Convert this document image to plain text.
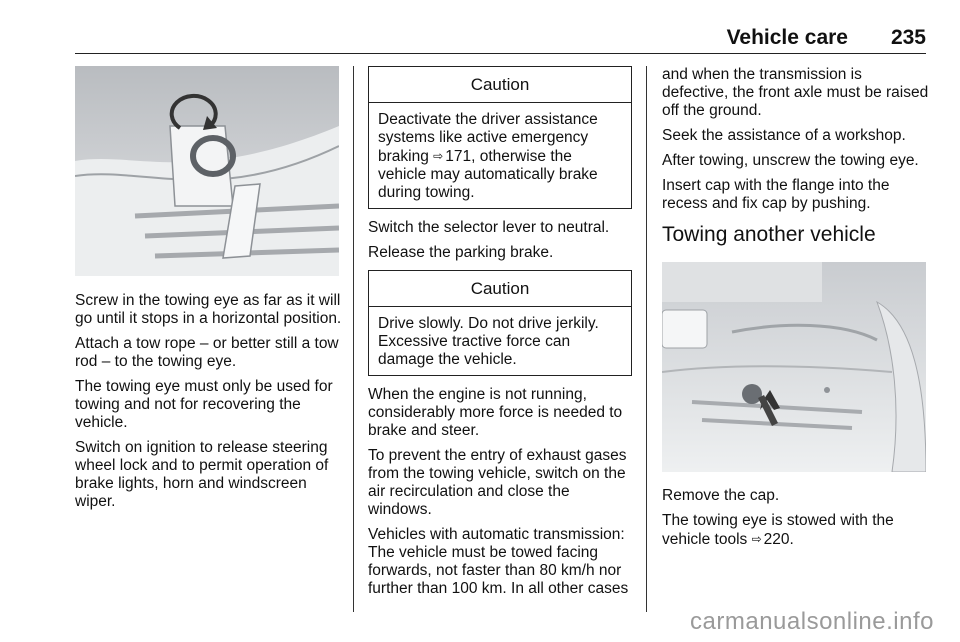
Vehicle care 235

Screw in the towing eye as far as it will go until it stops in a horizontal position.

Attach a tow rope – or better still a tow rod – to the towing eye.

The towing eye must only be used for towing and not for recovering the vehicle.

Switch on ignition to release steering wheel lock and to permit operation of brake lights, horn and windscreen wiper.

Caution
Deactivate the driver assistance systems like active emergency braking ⇨ 171, otherwise the vehicle may automatically brake during towing.

Switch the selector lever to neutral.

Release the parking brake.

Caution
Drive slowly. Do not drive jerkily. Excessive tractive force can damage the vehicle.

When the engine is not running, considerably more force is needed to brake and steer.

To prevent the entry of exhaust gases from the towing vehicle, switch on the air recirculation and close the windows.

Vehicles with automatic transmission: The vehicle must be towed facing forwards, not faster than 80 km/h nor further than 100 km. In all other cases

and when the transmission is defective, the front axle must be raised off the ground.

Seek the assistance of a workshop.

After towing, unscrew the towing eye.

Insert cap with the flange into the recess and fix cap by pushing.

Towing another vehicle

Remove the cap.

The towing eye is stowed with the vehicle tools ⇨ 220.

carmanualsonline.info
